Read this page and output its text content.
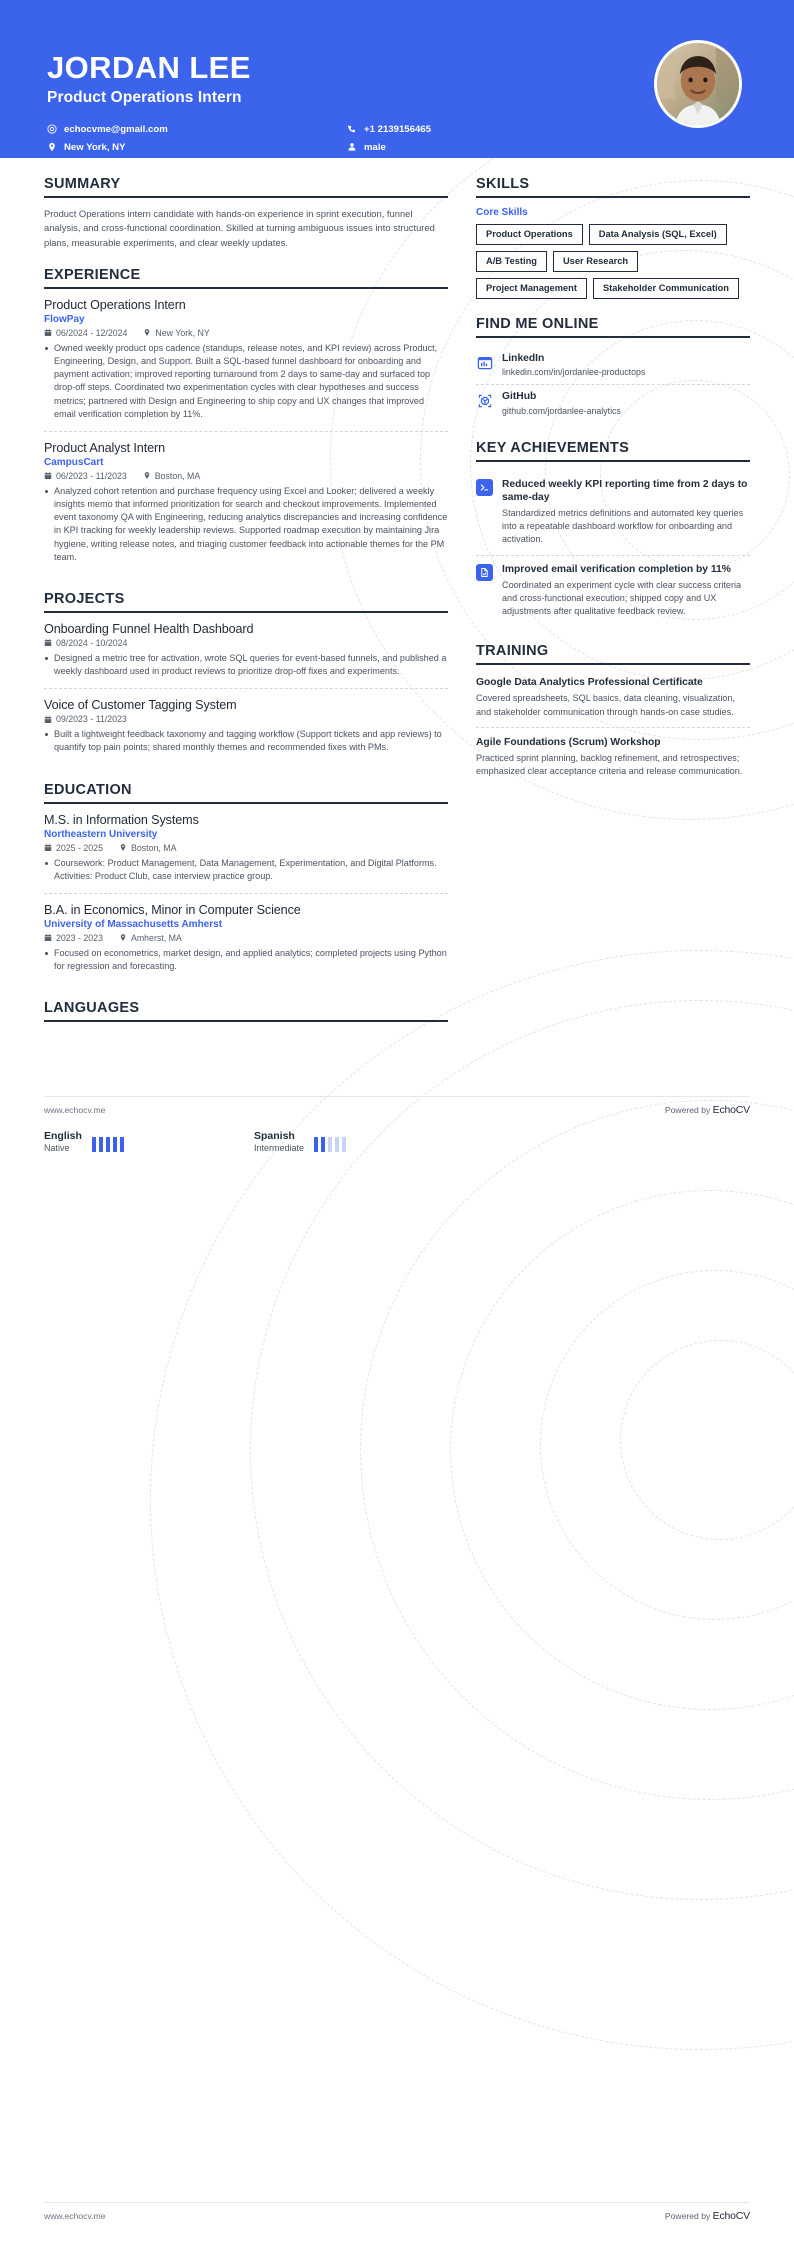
JORDAN LEE
Product Operations Intern
echocvme@gmail.com	+1 2139156465
New York, NY	male
SUMMARY
Product Operations intern candidate with hands-on experience in sprint execution, funnel analysis, and cross-functional coordination. Skilled at turning ambiguous issues into structured plans, measurable experiments, and clear weekly updates.
EXPERIENCE
Product Operations Intern
FlowPay
06/2024 - 12/2024	New York, NY
Owned weekly product ops cadence (standups, release notes, and KPI review) across Product, Engineering, Design, and Support. Built a SQL-based funnel dashboard for onboarding and payment activation; improved reporting turnaround from 2 days to same-day and surfaced top drop-off steps. Coordinated two experimentation cycles with clear hypotheses and success metrics; partnered with Design and Engineering to ship copy and UX changes that improved email verification completion by 11%.
Product Analyst Intern
CampusCart
06/2023 - 11/2023	Boston, MA
Analyzed cohort retention and purchase frequency using Excel and Looker; delivered a weekly insights memo that informed prioritization for search and checkout improvements. Implemented event taxonomy QA with Engineering, reducing analytics discrepancies and increasing confidence in KPI tracking for weekly leadership reviews. Supported roadmap execution by maintaining Jira hygiene, writing release notes, and triaging customer feedback into actionable themes for the PM team.
PROJECTS
Onboarding Funnel Health Dashboard
08/2024 - 10/2024
Designed a metric tree for activation, wrote SQL queries for event-based funnels, and published a weekly dashboard used in product reviews to prioritize drop-off fixes and experiments.
Voice of Customer Tagging System
09/2023 - 11/2023
Built a lightweight feedback taxonomy and tagging workflow (Support tickets and app reviews) to quantify top pain points; shared monthly themes and recommended fixes with PMs.
EDUCATION
M.S. in Information Systems
Northeastern University
2025 - 2025	Boston, MA
Coursework: Product Management, Data Management, Experimentation, and Digital Platforms. Activities: Product Club, case interview practice group.
B.A. in Economics, Minor in Computer Science
University of Massachusetts Amherst
2023 - 2023	Amherst, MA
Focused on econometrics, market design, and applied analytics; completed projects using Python for regression and forecasting.
LANGUAGES
SKILLS
Core Skills
Product Operations	Data Analysis (SQL, Excel)
A/B Testing	User Research
Project Management	Stakeholder Communication
FIND ME ONLINE
LinkedIn
linkedin.com/in/jordanlee-productops
GitHub
github.com/jordanlee-analytics
KEY ACHIEVEMENTS
Reduced weekly KPI reporting time from 2 days to same-day
Standardized metrics definitions and automated key queries into a repeatable dashboard workflow for onboarding and activation.
Improved email verification completion by 11%
Coordinated an experiment cycle with clear success criteria and cross-functional execution; shipped copy and UX adjustments after qualitative feedback review.
TRAINING
Google Data Analytics Professional Certificate
Covered spreadsheets, SQL basics, data cleaning, visualization, and stakeholder communication through hands-on case studies.
Agile Foundations (Scrum) Workshop
Practiced sprint planning, backlog refinement, and retrospectives; emphasized clear acceptance criteria and release communication.
English
Native
Spanish
Intermediate
www.echocv.me	Powered by EchoCV
www.echocv.me	Powered by EchoCV
